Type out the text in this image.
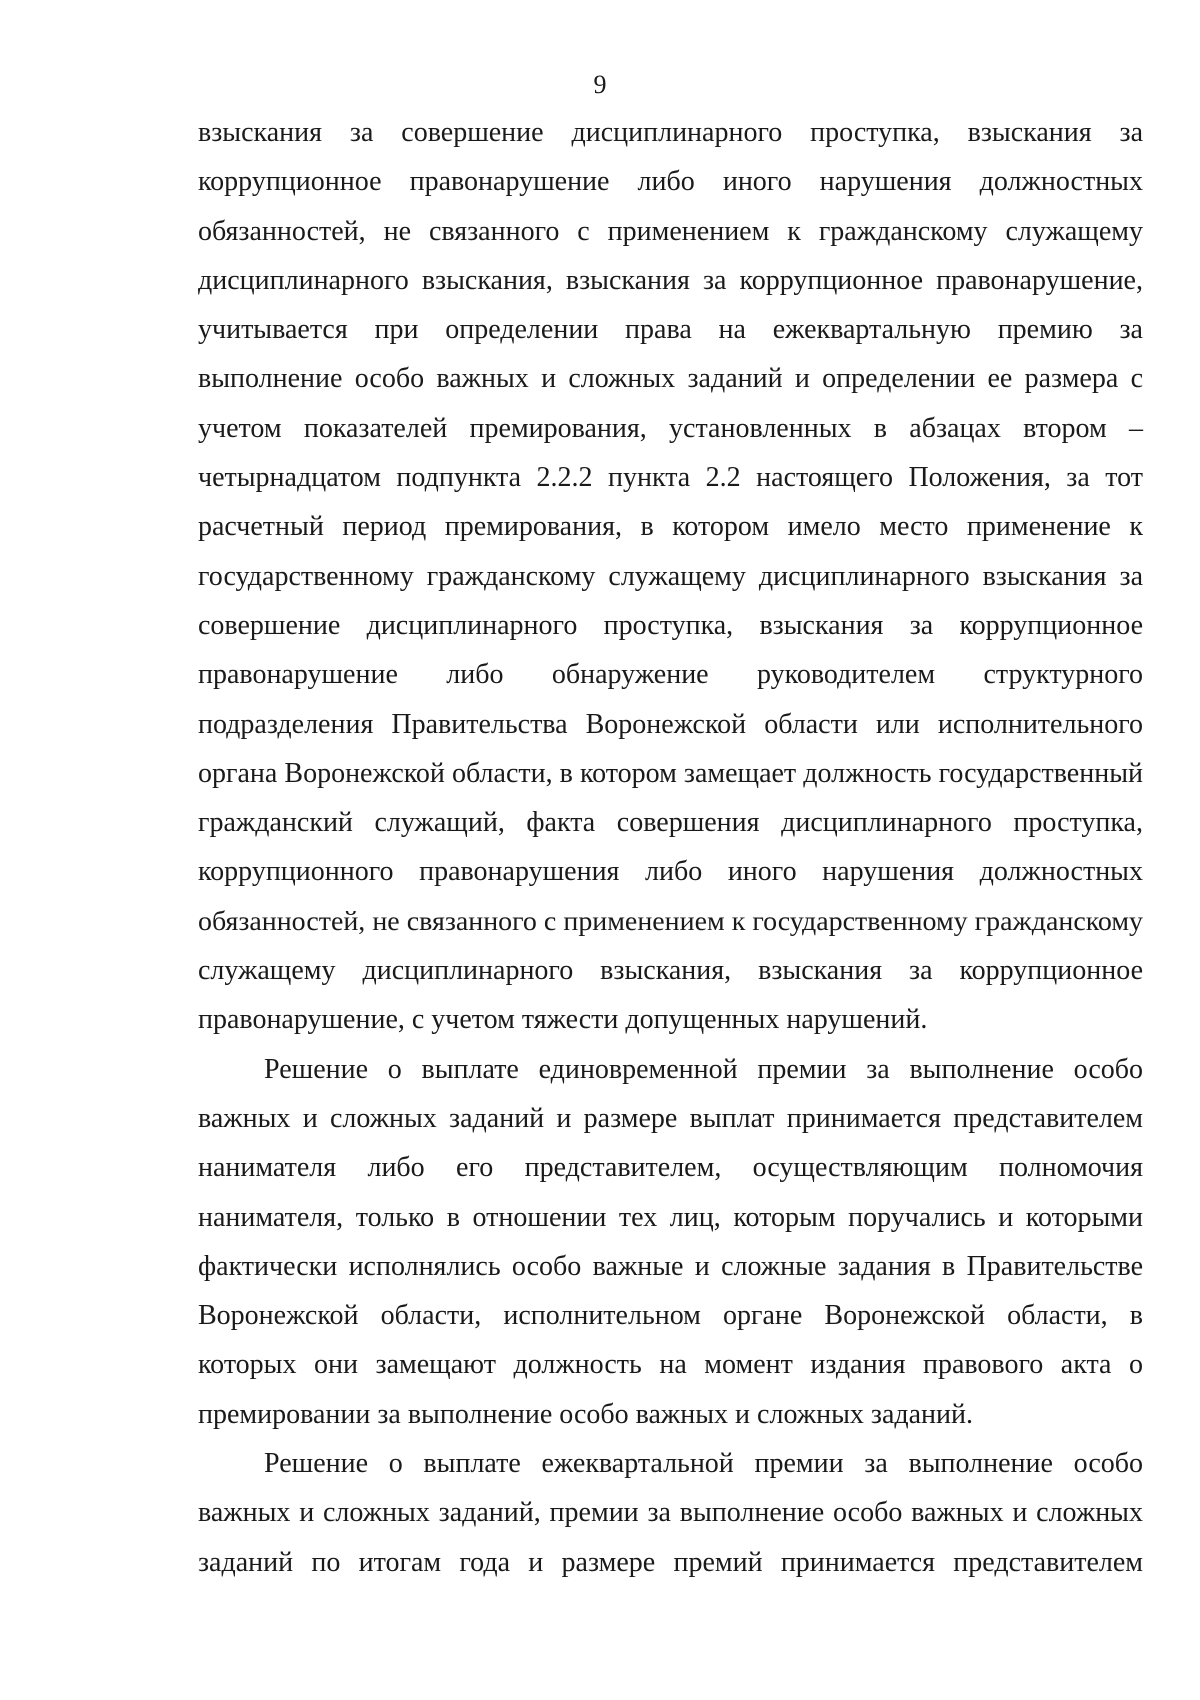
9
взыскания за совершение дисциплинарного проступка, взыскания за
коррупционное правонарушение либо иного нарушения должностных
обязанностей, не связанного с применением к гражданскому служащему
дисциплинарного взыскания, взыскания за коррупционное правонарушение,
учитывается при определении права на ежеквартальную премию за
выполнение особо важных и сложных заданий и определении ее размера с
учетом показателей премирования, установленных в абзацах втором –
четырнадцатом подпункта 2.2.2 пункта 2.2 настоящего Положения, за тот
расчетный период премирования, в котором имело место применение к
государственному гражданскому служащему дисциплинарного взыскания за
совершение дисциплинарного проступка, взыскания за коррупционное
правонарушение либо обнаружение руководителем структурного
подразделения Правительства Воронежской области или исполнительного
органа Воронежской области, в котором замещает должность государственный
гражданский служащий, факта совершения дисциплинарного проступка,
коррупционного правонарушения либо иного нарушения должностных
обязанностей, не связанного с применением к государственному гражданскому
служащему дисциплинарного взыскания, взыскания за коррупционное
правонарушение, с учетом тяжести допущенных нарушений.
Решение о выплате единовременной премии за выполнение особо
важных и сложных заданий и размере выплат принимается представителем
нанимателя либо его представителем, осуществляющим полномочия
нанимателя, только в отношении тех лиц, которым поручались и которыми
фактически исполнялись особо важные и сложные задания в Правительстве
Воронежской области, исполнительном органе Воронежской области, в
которых они замещают должность на момент издания правового акта о
премировании за выполнение особо важных и сложных заданий.
Решение о выплате ежеквартальной премии за выполнение особо
важных и сложных заданий, премии за выполнение особо важных и сложных
заданий по итогам года и размере премий принимается представителем
